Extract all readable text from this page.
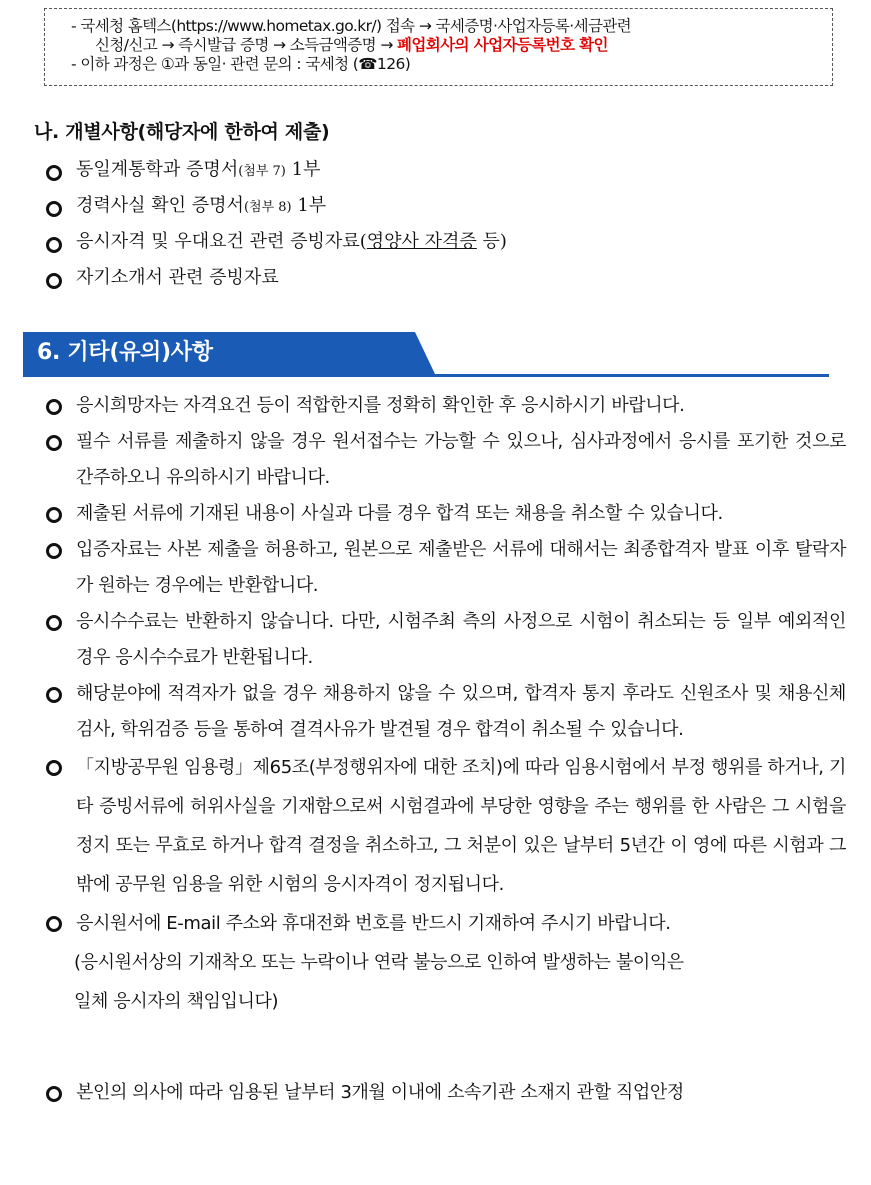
- 국세청 홈텍스(https://www.hometax.go.kr/) 접속 → 국세증명·사업자등록·세금관련
신청/신고 → 즉시발급 증명 → 소득금액증명 → 폐업회사의 사업자등록번호 확인
- 이하 과정은 ①과 동일· 관련 문의 : 국세청 (☎126)
나. 개별사항(해당자에 한하여 제출)
동일계통학과 증명서(첨부 7) 1부
경력사실 확인 증명서(첨부 8) 1부
응시자격 및 우대요건 관련 증빙자료(영양사 자격증 등)
자기소개서 관련 증빙자료
6. 기타(유의)사항
응시희망자는 자격요건 등이 적합한지를 정확히 확인한 후 응시하시기 바랍니다.
필수 서류를 제출하지 않을 경우 원서접수는 가능할 수 있으나, 심사과정에서 응시를 포기한 것으로 간주하오니 유의하시기 바랍니다.
제출된 서류에 기재된 내용이 사실과 다를 경우 합격 또는 채용을 취소할 수 있습니다.
입증자료는 사본 제출을 허용하고, 원본으로 제출받은 서류에 대해서는 최종합격자 발표 이후 탈락자가 원하는 경우에는 반환합니다.
응시수수료는 반환하지 않습니다. 다만, 시험주최 측의 사정으로 시험이 취소되는 등 일부 예외적인 경우 응시수수료가 반환됩니다.
해당분야에 적격자가 없을 경우 채용하지 않을 수 있으며, 합격자 통지 후라도 신원조사 및 채용신체검사, 학위검증 등을 통하여 결격사유가 발견될 경우 합격이 취소될 수 있습니다.
「지방공무원 임용령」제65조(부정행위자에 대한 조치)에 따라 임용시험에서 부정 행위를 하거나, 기타 증빙서류에 허위사실을 기재함으로써 시험결과에 부당한 영향을 주는 행위를 한 사람은 그 시험을 정지 또는 무효로 하거나 합격 결정을 취소하고, 그 처분이 있은 날부터 5년간 이 영에 따른 시험과 그 밖에 공무원 임용을 위한 시험의 응시자격이 정지됩니다.
응시원서에 E-mail 주소와 휴대전화 번호를 반드시 기재하여 주시기 바랍니다.
(응시원서상의 기재착오 또는 누락이나 연락 불능으로 인하여 발생하는 불이익은
일체 응시자의 책임입니다)
본인의 의사에 따라 임용된 날부터 3개월 이내에 소속기관 소재지 관할 직업안정
